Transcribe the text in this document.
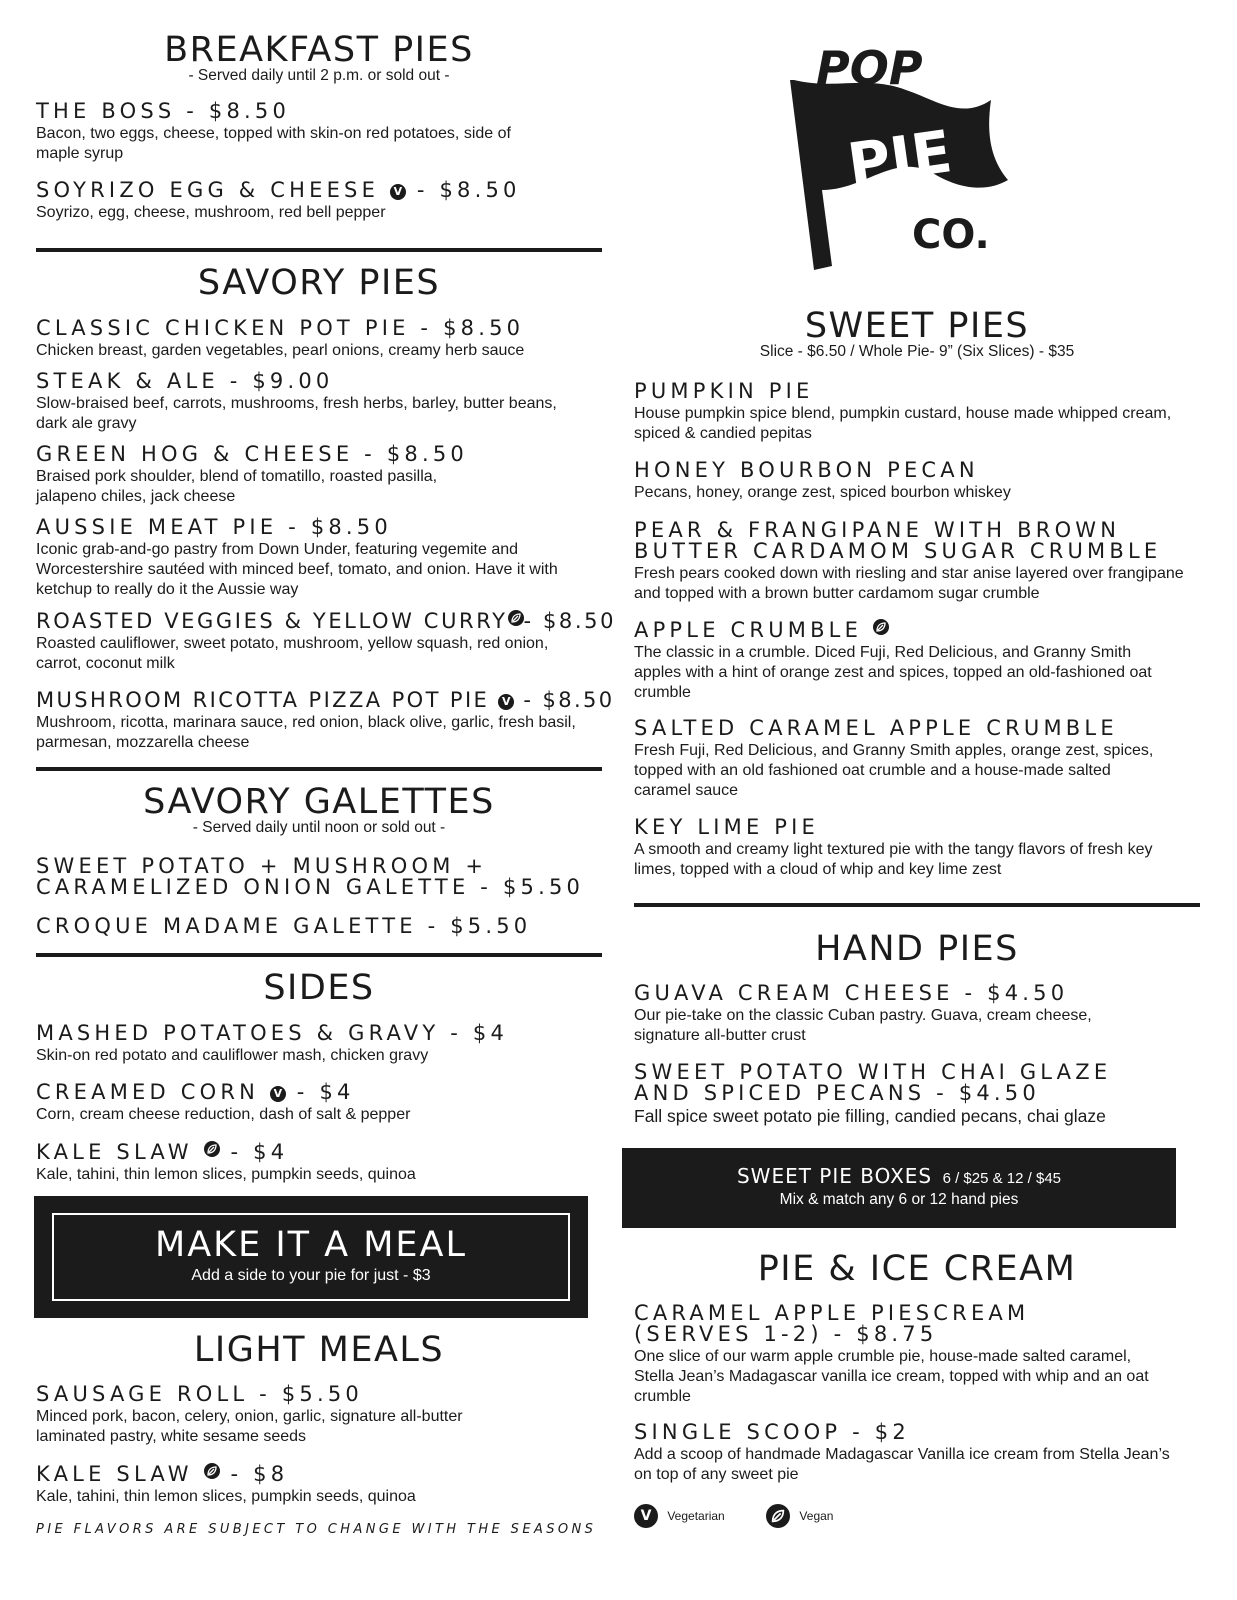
POP
PIE
CO.
BREAKFAST PIES
- Served daily until 2 p.m. or sold out -
THE BOSS - $8.50
Bacon, two eggs, cheese, topped with skin-on red potatoes, side of maple syrup
SOYRIZO EGG & CHEESE V - $8.50
Soyrizo, egg, cheese, mushroom, red bell pepper
SAVORY PIES
CLASSIC CHICKEN POT PIE - $8.50
Chicken breast, garden vegetables, pearl onions, creamy herb sauce
STEAK & ALE - $9.00
Slow-braised beef, carrots, mushrooms, fresh herbs, barley, butter beans, dark ale gravy
GREEN HOG & CHEESE - $8.50
Braised pork shoulder, blend of tomatillo, roasted pasilla, jalapeno chiles, jack cheese
AUSSIE MEAT PIE - $8.50
Iconic grab-and-go pastry from Down Under, featuring vegemite and Worcestershire sautéed with minced beef, tomato, and onion. Have it with ketchup to really do it the Aussie way
ROASTED VEGGIES & YELLOW CURRY - $8.50
Roasted cauliflower, sweet potato, mushroom, yellow squash, red onion, carrot, coconut milk
MUSHROOM RICOTTA PIZZA POT PIE V - $8.50
Mushroom, ricotta, marinara sauce, red onion, black olive, garlic, fresh basil, parmesan, mozzarella cheese
SAVORY GALETTES
- Served daily until noon or sold out -
SWEET POTATO + MUSHROOM +
CARAMELIZED ONION GALETTE - $5.50
CROQUE MADAME GALETTE - $5.50
SIDES
MASHED POTATOES & GRAVY - $4
Skin-on red potato and cauliflower mash, chicken gravy
CREAMED CORN V - $4
Corn, cream cheese reduction, dash of salt & pepper
KALE SLAW - $4
Kale, tahini, thin lemon slices, pumpkin seeds, quinoa
MAKE IT A MEAL
Add a side to your pie for just - $3
LIGHT MEALS
SAUSAGE ROLL - $5.50
Minced pork, bacon, celery, onion, garlic, signature all-butter laminated pastry, white sesame seeds
KALE SLAW - $8
Kale, tahini, thin lemon slices, pumpkin seeds, quinoa
PIE FLAVORS ARE SUBJECT TO CHANGE WITH THE SEASONS
SWEET PIES
Slice - $6.50 / Whole Pie- 9” (Six Slices) - $35
PUMPKIN PIE
House pumpkin spice blend, pumpkin custard, house made whipped cream, spiced & candied pepitas
HONEY BOURBON PECAN
Pecans, honey, orange zest, spiced bourbon whiskey
PEAR & FRANGIPANE WITH BROWN
BUTTER CARDAMOM SUGAR CRUMBLE
Fresh pears cooked down with riesling and star anise layered over frangipane and topped with a brown butter cardamom sugar crumble
APPLE CRUMBLE
The classic in a crumble. Diced Fuji, Red Delicious, and Granny Smith apples with a hint of orange zest and spices, topped an old-fashioned oat crumble
SALTED CARAMEL APPLE CRUMBLE
Fresh Fuji, Red Delicious, and Granny Smith apples, orange zest, spices, topped with an old fashioned oat crumble and a house-made salted caramel sauce
KEY LIME PIE
A smooth and creamy light textured pie with the tangy flavors of fresh key limes, topped with a cloud of whip and key lime zest
HAND PIES
GUAVA CREAM CHEESE - $4.50
Our pie-take on the classic Cuban pastry. Guava, cream cheese, signature all-butter crust
SWEET POTATO WITH CHAI GLAZE
AND SPICED PECANS - $4.50
Fall spice sweet potato pie filling, candied pecans, chai glaze
SWEET PIE BOXES 6 / $25 & 12 / $45
Mix & match any 6 or 12 hand pies
PIE & ICE CREAM
CARAMEL APPLE PIESCREAM
(SERVES 1-2) - $8.75
One slice of our warm apple crumble pie, house-made salted caramel, Stella Jean’s Madagascar vanilla ice cream, topped with whip and an oat crumble
SINGLE SCOOP - $2
Add a scoop of handmade Madagascar Vanilla ice cream from Stella Jean’s on top of any sweet pie
V Vegetarian	Vegan
